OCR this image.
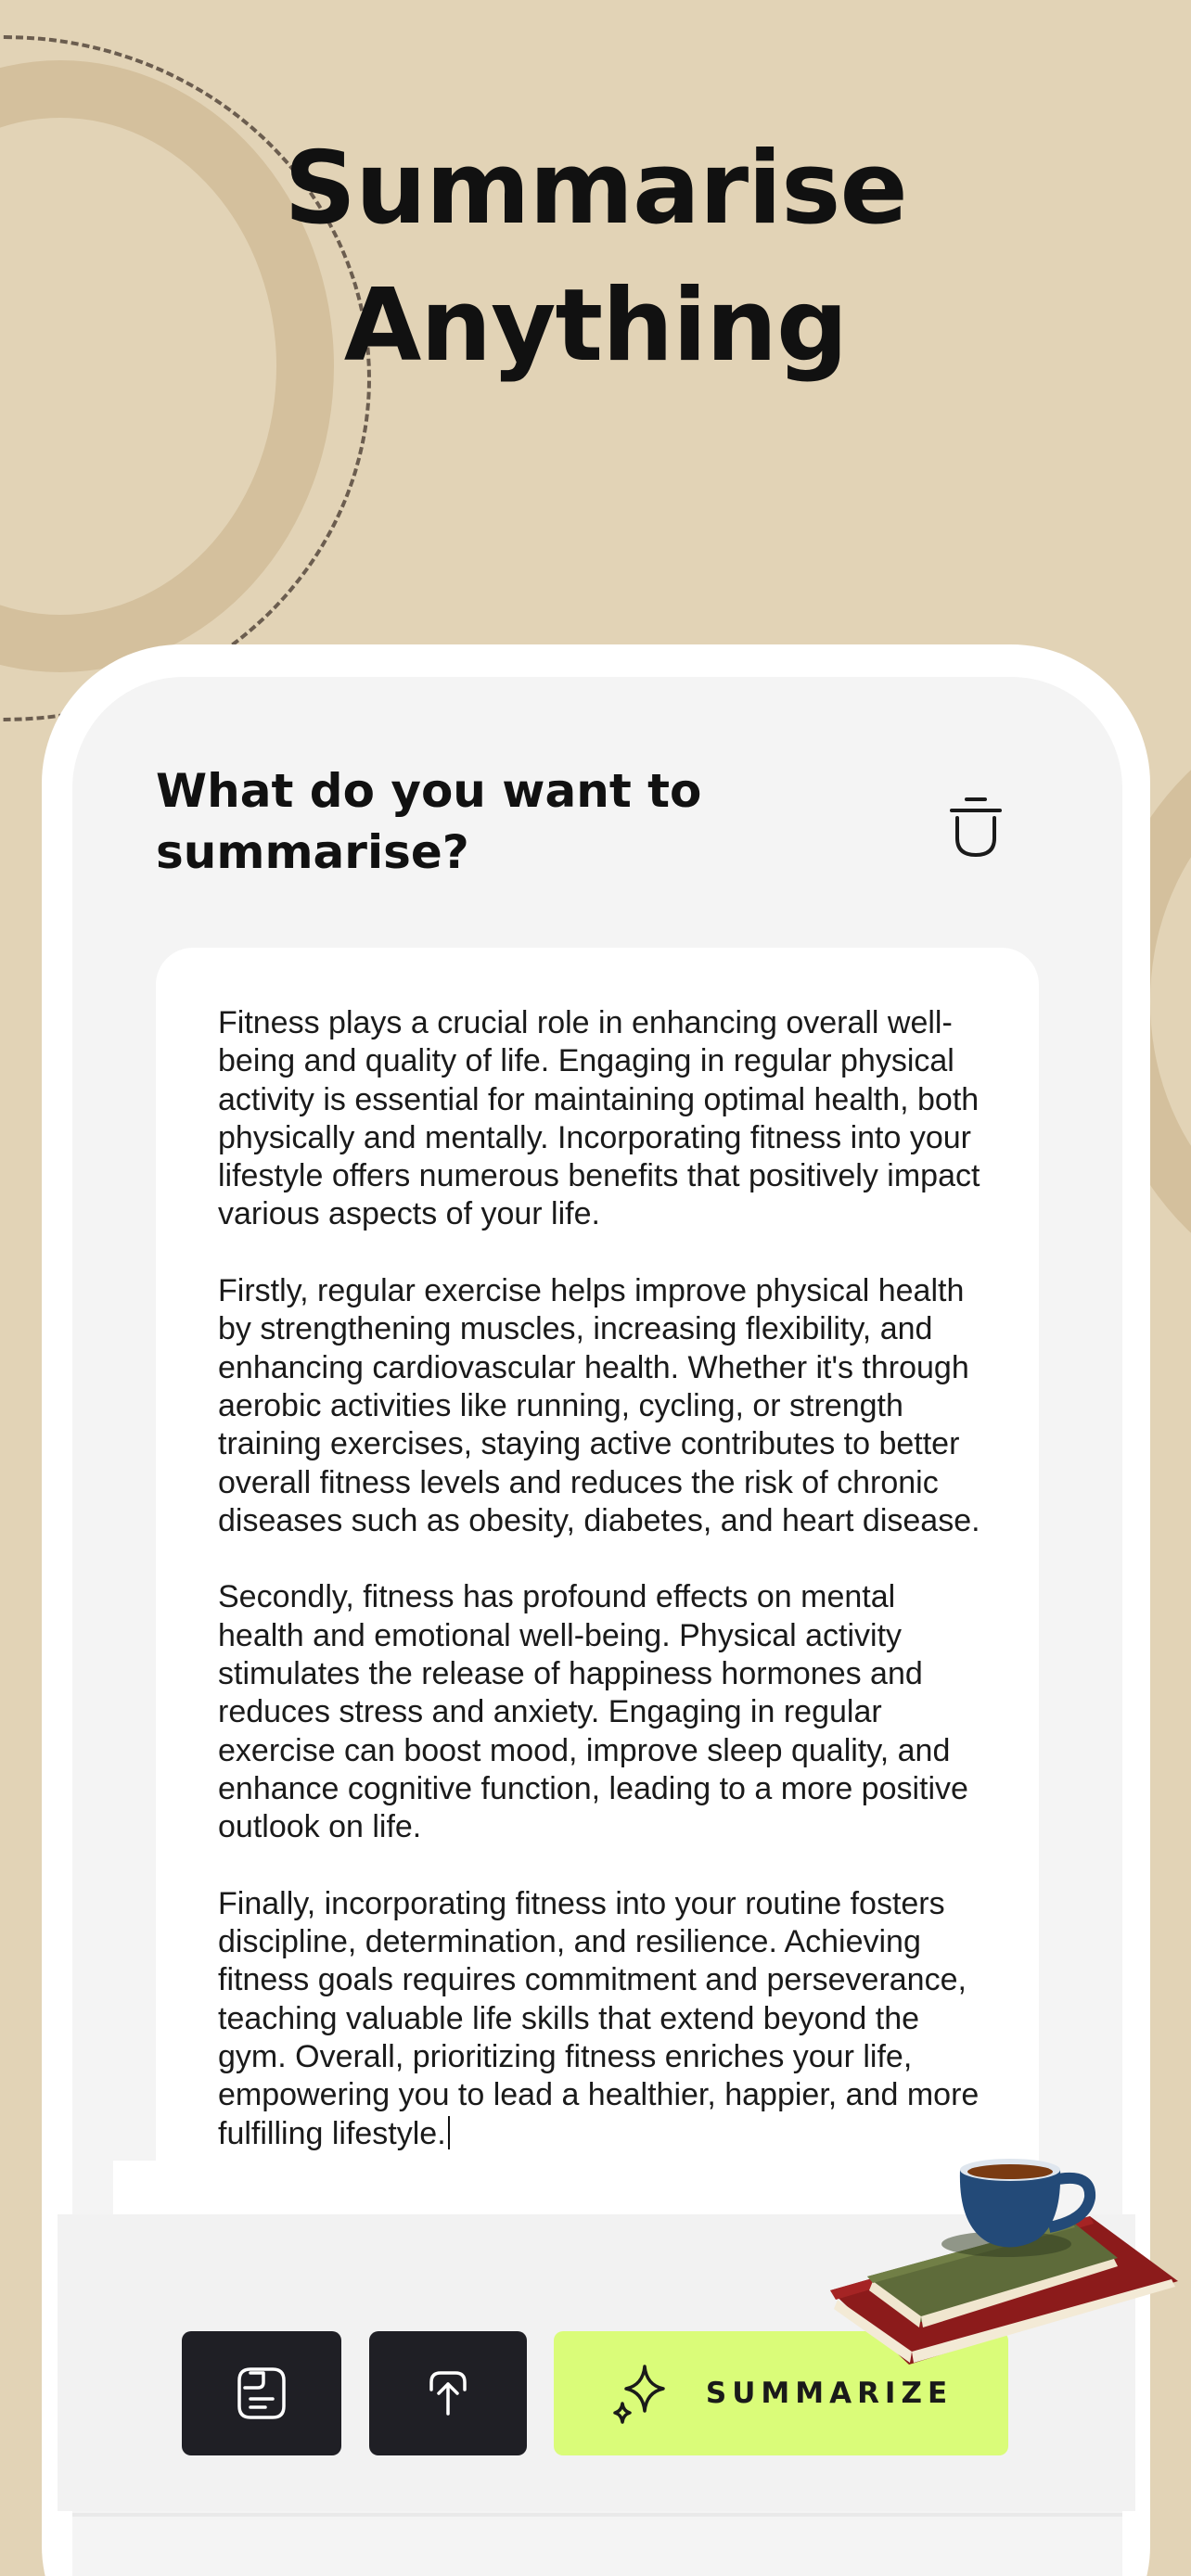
Summarise
Anything
What do you want to summarise?

Fitness plays a crucial role in enhancing overall well-being and quality of life. Engaging in regular physical activity is essential for maintaining optimal health, both physically and mentally. Incorporating fitness into your lifestyle offers numerous benefits that positively impact various aspects of your life.

Firstly, regular exercise helps improve physical health by strengthening muscles, increasing flexibility, and enhancing cardiovascular health. Whether it's through aerobic activities like running, cycling, or strength training exercises, staying active contributes to better overall fitness levels and reduces the risk of chronic diseases such as obesity, diabetes, and heart disease.

Secondly, fitness has profound effects on mental health and emotional well-being. Physical activity stimulates the release of happiness hormones and reduces stress and anxiety. Engaging in regular exercise can boost mood, improve sleep quality, and enhance cognitive function, leading to a more positive outlook on life.

Finally, incorporating fitness into your routine fosters discipline, determination, and resilience. Achieving fitness goals requires commitment and perseverance, teaching valuable life skills that extend beyond the gym. Overall, prioritizing fitness enriches your life, empowering you to lead a healthier, happier, and more fulfilling lifestyle.

SUMMARIZE
